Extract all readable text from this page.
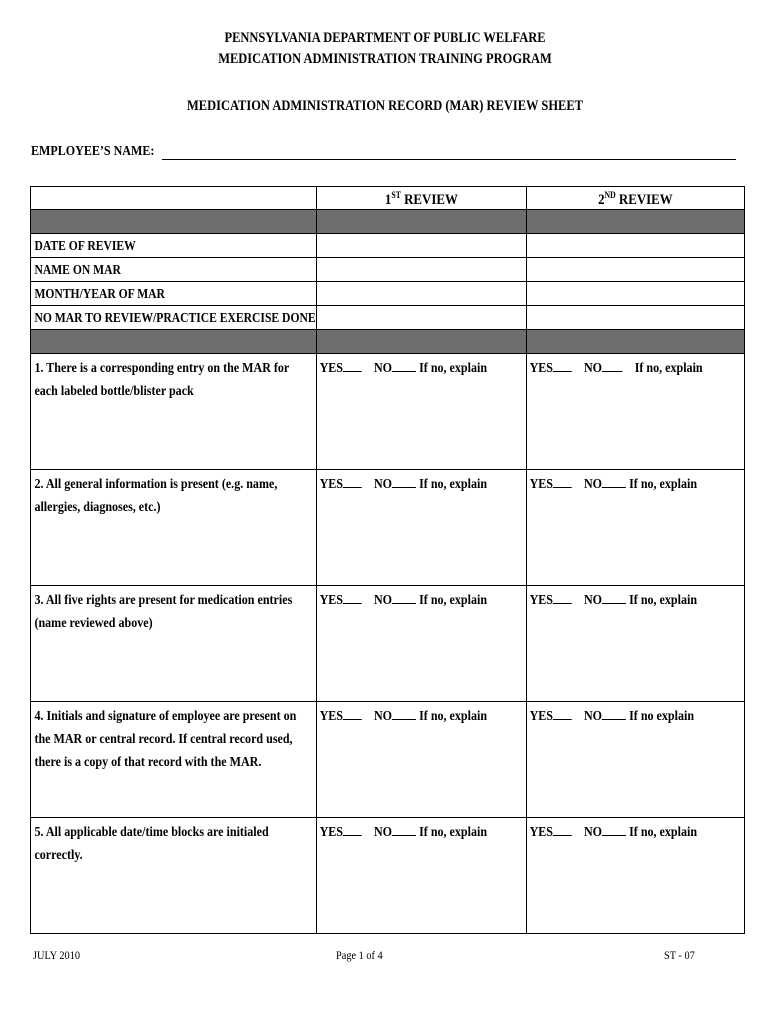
PENNSYLVANIA DEPARTMENT OF PUBLIC WELFARE
MEDICATION ADMINISTRATION TRAINING PROGRAM
MEDICATION ADMINISTRATION RECORD (MAR) REVIEW SHEET
EMPLOYEE’S NAME:
	1ST REVIEW	2ND REVIEW

DATE OF REVIEW		
NAME ON MAR		
MONTH/YEAR OF MAR		
NO MAR TO REVIEW/PRACTICE EXERCISE DONE		

1. There is a corresponding entry on the MAR for each labeled bottle/blister pack	YES NO If no, explain	YES NO If no, explain

2. All general information is present (e.g. name, allergies, diagnoses, etc.)	YES NO If no, explain	YES NO If no, explain

3. All five rights are present for medication entries (name reviewed above)	YES NO If no, explain	YES NO If no, explain

4. Initials and signature of employee are present on the MAR or central record. If central record used, there is a copy of that record with the MAR.	YES NO If no, explain	YES NO If no explain

5. All applicable date/time blocks are initialed correctly.	YES NO If no, explain	YES NO If no, explain
JULY 2010	Page 1 of 4	ST - 07
